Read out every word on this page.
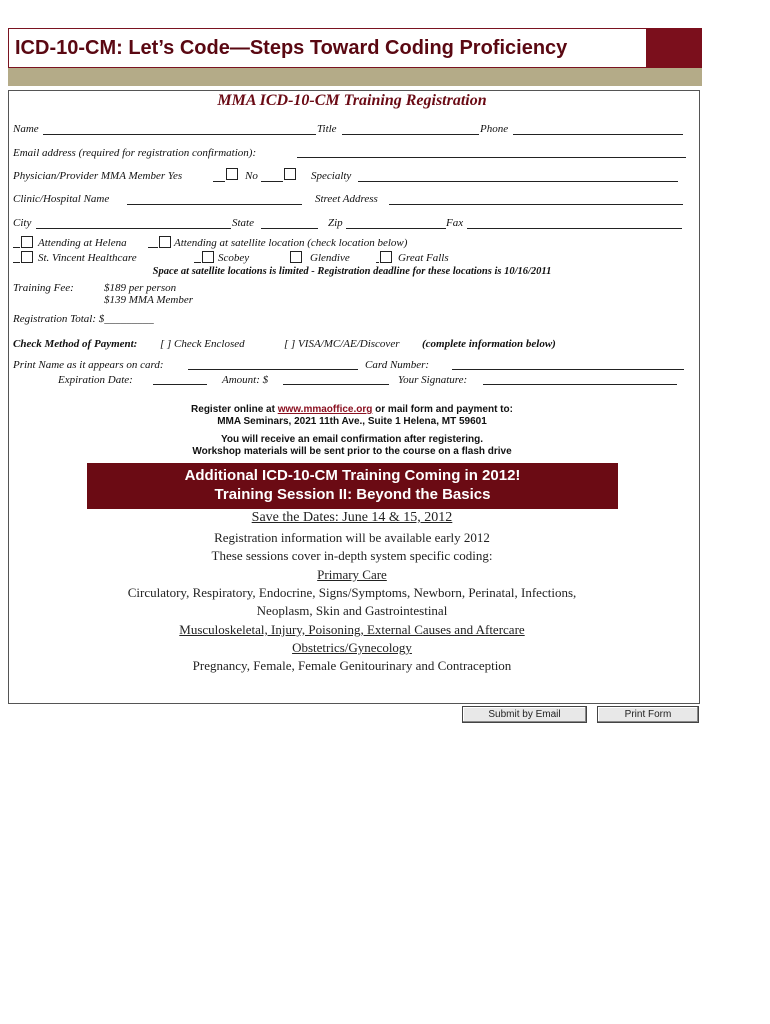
ICD-10-CM: Let’s Code—Steps Toward Coding Proficiency
MMA ICD-10-CM Training Registration
Name	Title	Phone
Email address (required for registration confirmation):
Physician/Provider MMA Member Yes	No	Specialty
Clinic/Hospital Name	Street Address
City	State	Zip	Fax
Attending at Helena	Attending at satellite location (check location below)
St. Vincent Healthcare	Scobey	Glendive	Great Falls
Space at satellite locations is limited - Registration deadline for these locations is 10/16/2011
Training Fee:	$189 per person
$139 MMA Member
Registration Total: $_________
Check Method of Payment: [ ] Check Enclosed	[ ] VISA/MC/AE/Discover (complete information below)
Print Name as it appears on card:	Card Number:
Expiration Date:	Amount: $	Your Signature:
Register online at www.mmaoffice.org or mail form and payment to:
MMA Seminars, 2021 11th Ave., Suite 1 Helena, MT 59601
You will receive an email confirmation after registering.
Workshop materials will be sent prior to the course on a flash drive
Additional ICD-10-CM Training Coming in 2012!
Training Session II: Beyond the Basics
Save the Dates: June 14 & 15, 2012
Registration information will be available early 2012
These sessions cover in-depth system specific coding:
Primary Care
Circulatory, Respiratory, Endocrine, Signs/Symptoms, Newborn, Perinatal, Infections,
Neoplasm, Skin and Gastrointestinal
Musculoskeletal, Injury, Poisoning, External Causes and Aftercare
Obstetrics/Gynecology
Pregnancy, Female, Female Genitourinary and Contraception
Submit by Email	Print Form
